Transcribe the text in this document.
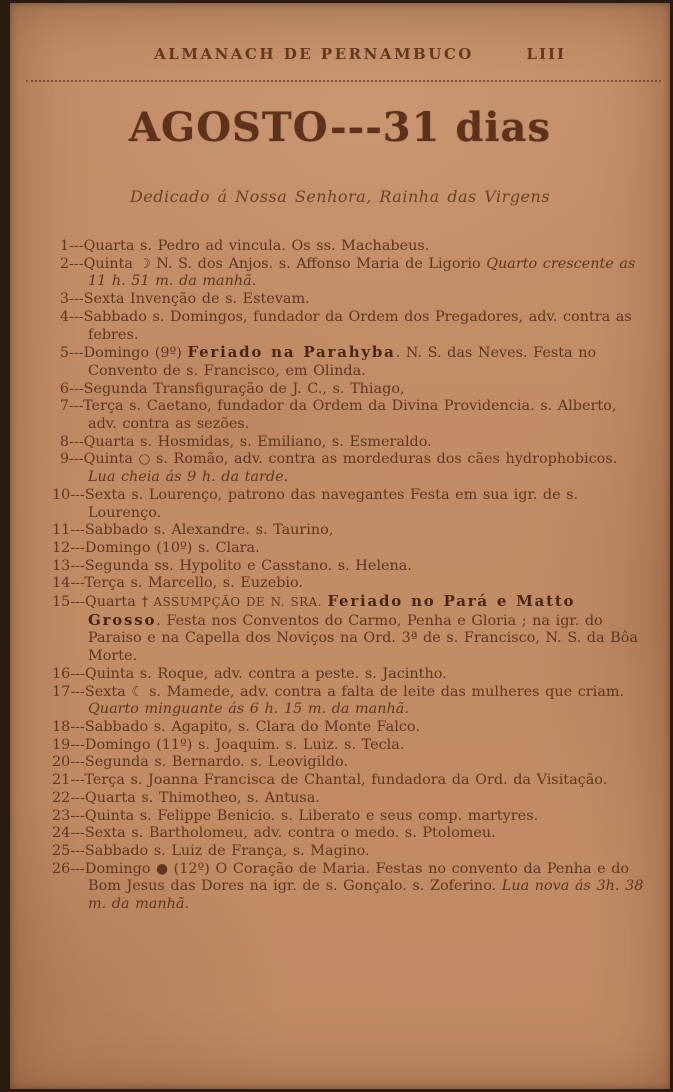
ALMANACH DE PERNAMBUCO	LIII
AGOSTO---31 dias
Dedicado á Nossa Senhora, Rainha das Virgens
1---Quarta s. Pedro ad vincula. Os ss. Machabeus.
2---Quinta ☽ N. S. dos Anjos. s. Affonso Maria de Ligorio Quarto crescente as 11 h. 51 m. da manhã.
3---Sexta Invenção de s. Estevam.
4---Sabbado s. Domingos, fundador da Ordem dos Pregadores, adv. contra as febres.
5---Domingo (9º) Feriado na Parahyba. N. S. das Neves. Festa no Convento de s. Francisco, em Olinda.
6---Segunda Transfiguração de J. C., s. Thiago,
7---Terça s. Caetano, fundador da Ordem da Divina Providencia. s. Alberto, adv. contra as sezões.
8---Quarta s. Hosmidas, s. Emiliano, s. Esmeraldo.
9---Quinta ○ s. Romão, adv. contra as mordeduras dos cães hydrophobicos. Lua cheia ás 9 h. da tarde.
10---Sexta s. Lourenço, patrono das navegantes Festa em sua igr. de s. Lourenço.
11---Sabbado s. Alexandre. s. Taurino,
12---Domingo (10º) s. Clara.
13---Segunda ss. Hypolito e Casstano. s. Helena.
14---Terça s. Marcello, s. Euzebio.
15---Quarta † ASSUMPÇÃO DE N. SRA. Feriado no Pará e Matto Grosso. Festa nos Conventos do Carmo, Penha e Gloria ; na igr. do Paraiso e na Capella dos Noviços na Ord. 3ª de s. Francisco, N. S. da Bôa Morte.
16---Quinta s. Roque, adv. contra a peste. s. Jacintho.
17---Sexta ☾ s. Mamede, adv. contra a falta de leite das mulheres que criam. Quarto minguante ás 6 h. 15 m. da manhã.
18---Sabbado s. Agapito, s. Clara do Monte Falco.
19---Domingo (11º) s. Joaquim. s. Luiz. s. Tecla.
20---Segunda s. Bernardo. s. Leovigildo.
21---Terça s. Joanna Francisca de Chantal, fundadora da Ord. da Visitação.
22---Quarta s. Thimotheo, s. Antusa.
23---Quinta s. Felippe Benicio. s. Liberato e seus comp. martyres.
24---Sexta s. Bartholomeu, adv. contra o medo. s. Ptolomeu.
25---Sabbado s. Luiz de França, s. Magino.
26---Domingo ● (12º) O Coração de Maria. Festas no convento da Penha e do Bom Jesus das Dores na igr. de s. Gonçalo. s. Zoferino. Lua nova ás 3h. 38 m. da manhã.
